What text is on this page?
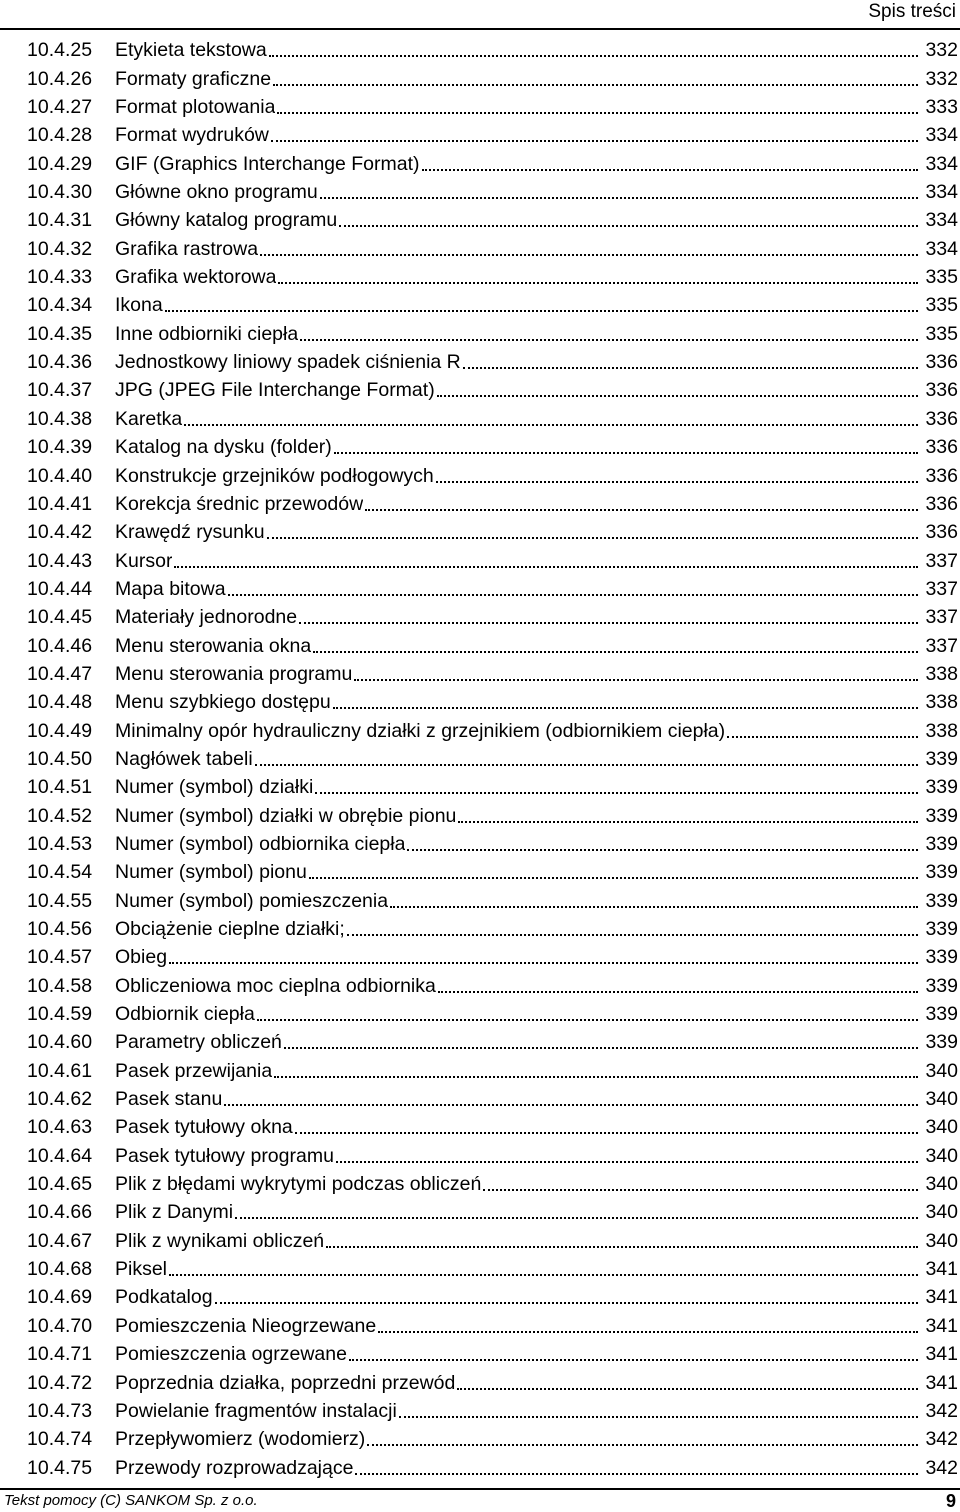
Spis treści
10.4.25	Etykieta tekstowa	332
10.4.26	Formaty graficzne	332
10.4.27	Format plotowania	333
10.4.28	Format wydruków	334
10.4.29	GIF (Graphics Interchange Format)	334
10.4.30	Główne okno programu	334
10.4.31	Główny katalog programu	334
10.4.32	Grafika rastrowa	334
10.4.33	Grafika wektorowa	335
10.4.34	Ikona	335
10.4.35	Inne odbiorniki ciepła	335
10.4.36	Jednostkowy liniowy spadek ciśnienia R	336
10.4.37	JPG (JPEG File Interchange Format)	336
10.4.38	Karetka	336
10.4.39	Katalog na dysku (folder)	336
10.4.40	Konstrukcje grzejników podłogowych	336
10.4.41	Korekcja średnic przewodów	336
10.4.42	Krawędź rysunku	336
10.4.43	Kursor	337
10.4.44	Mapa bitowa	337
10.4.45	Materiały jednorodne	337
10.4.46	Menu sterowania okna	337
10.4.47	Menu sterowania programu	338
10.4.48	Menu szybkiego dostępu	338
10.4.49	Minimalny opór hydrauliczny działki z grzejnikiem (odbiornikiem ciepła)	338
10.4.50	Nagłówek tabeli	339
10.4.51	Numer (symbol) działki	339
10.4.52	Numer (symbol) działki w obrębie pionu	339
10.4.53	Numer (symbol) odbiornika ciepła	339
10.4.54	Numer (symbol) pionu	339
10.4.55	Numer (symbol) pomieszczenia	339
10.4.56	Obciążenie cieplne działki;	339
10.4.57	Obieg	339
10.4.58	Obliczeniowa moc cieplna odbiornika	339
10.4.59	Odbiornik ciepła	339
10.4.60	Parametry obliczeń	339
10.4.61	Pasek przewijania	340
10.4.62	Pasek stanu	340
10.4.63	Pasek tytułowy okna	340
10.4.64	Pasek tytułowy programu	340
10.4.65	Plik z błędami wykrytymi podczas obliczeń	340
10.4.66	Plik z Danymi	340
10.4.67	Plik z wynikami obliczeń	340
10.4.68	Piksel	341
10.4.69	Podkatalog	341
10.4.70	Pomieszczenia Nieogrzewane	341
10.4.71	Pomieszczenia ogrzewane	341
10.4.72	Poprzednia działka, poprzedni przewód	341
10.4.73	Powielanie fragmentów instalacji	342
10.4.74	Przepływomierz (wodomierz)	342
10.4.75	Przewody rozprowadzające	342
Tekst pomocy (C) SANKOM Sp. z o.o.	9
